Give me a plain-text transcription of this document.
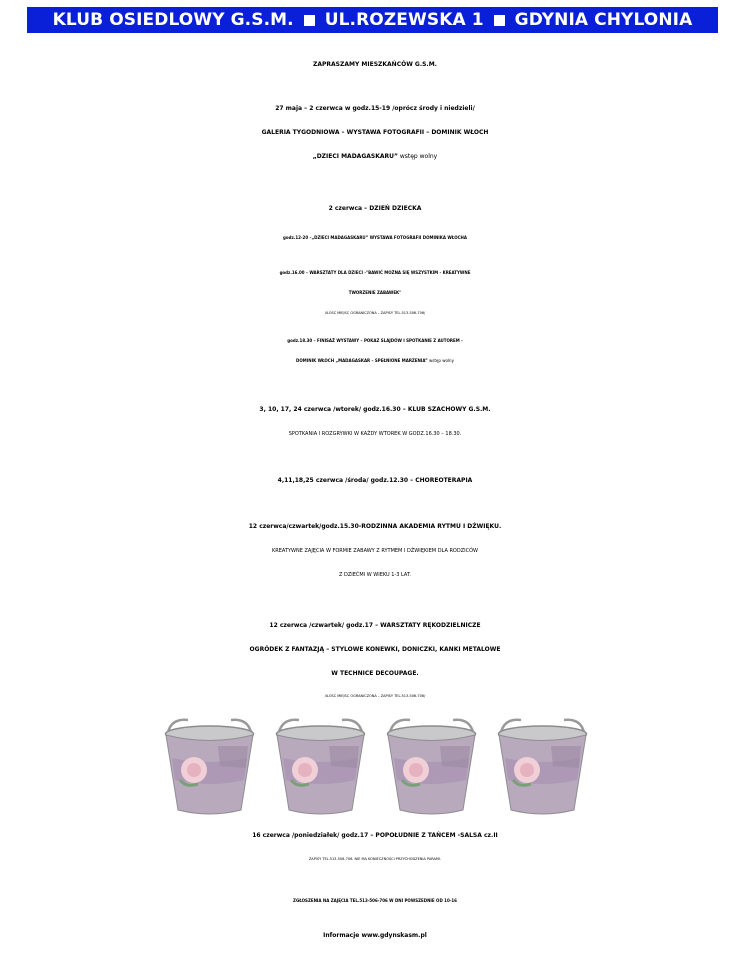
KLUB OSIEDLOWY G.S.M. UL.ROZEWSKA 1 GDYNIA CHYLONIA
ZAPRASZAMY MIESZKAŃCÓW G.S.M.
27 maja – 2 czerwca w godz.15-19 /oprócz środy i niedzieli/
GALERIA TYGODNIOWA – WYSTAWA FOTOGRAFII – DOMINIK WŁOCH
„DZIECI MADAGASKARU” wstęp wolny
2 czerwca – DZIEŃ DZIECKA
godz.12-20 –„DZIECI MADAGASKARU” WYSTAWA FOTOGRAFII DOMINIKA WŁOCHA
godz.16.00 – WARSZTATY DLA DZIECI -"BAWIĆ MOŻNA SIĘ WSZYSTKIM - KREATYWNE
TWORZENIE ZABAWEK"
/ILOŚĆ MIEJSC OGRANICZONA – ZAPISY TEL.513-506-706/
godz.18.30 – FINISAŻ WYSTAWY – POKAZ SLAJDÓW I SPOTKANIE Z AUTOREM -
DOMINIK WŁOCH „MADAGASKAR – SPEŁNIONE MARZENIA” wstęp wolny
3, 10, 17, 24 czerwca /wtorek/ godz.16.30 – KLUB SZACHOWY G.S.M.
SPOTKANIA I ROZGRYWKI W KAŻDY WTOREK W GODZ.16.30 – 18.30.
4,11,18,25 czerwca /środa/ godz.12.30 – CHOREOTERAPIA
12 czerwca/czwartek/godz.15.30-RODZINNA AKADEMIA RYTMU I DŹWIĘKU.
KREATYWNE ZAJĘCIA W FORMIE ZABAWY Z RYTMEM I DŹWIĘKIEM DLA RODZICÓW
Z DZIEĆMI W WIEKU 1-3 LAT.
12 czerwca /czwartek/ godz.17 – WARSZTATY RĘKODZIELNICZE
OGRÓDEK Z FANTAZJĄ – STYLOWE KONEWKI, DONICZKI, KANKI METALOWE
W TECHNICE DECOUPAGE.
/ILOŚĆ MIEJSC OGRANICZONA – ZAPISY TEL.513-506-706/
16 czerwca /poniedziałek/ godz.17 – POPOŁUDNIE Z TAŃCEM -SALSA cz.II
ZAPISY TEL.513-506-706. NIE MA KONIECZNOŚCI PRZYCHODZENIA PARAMI.
ZGŁOSZENIA NA ZAJĘCIA TEL.513-506-706 W DNI POWSZEDNIE OD 10-16
Informacje www.gdynskasm.pl
